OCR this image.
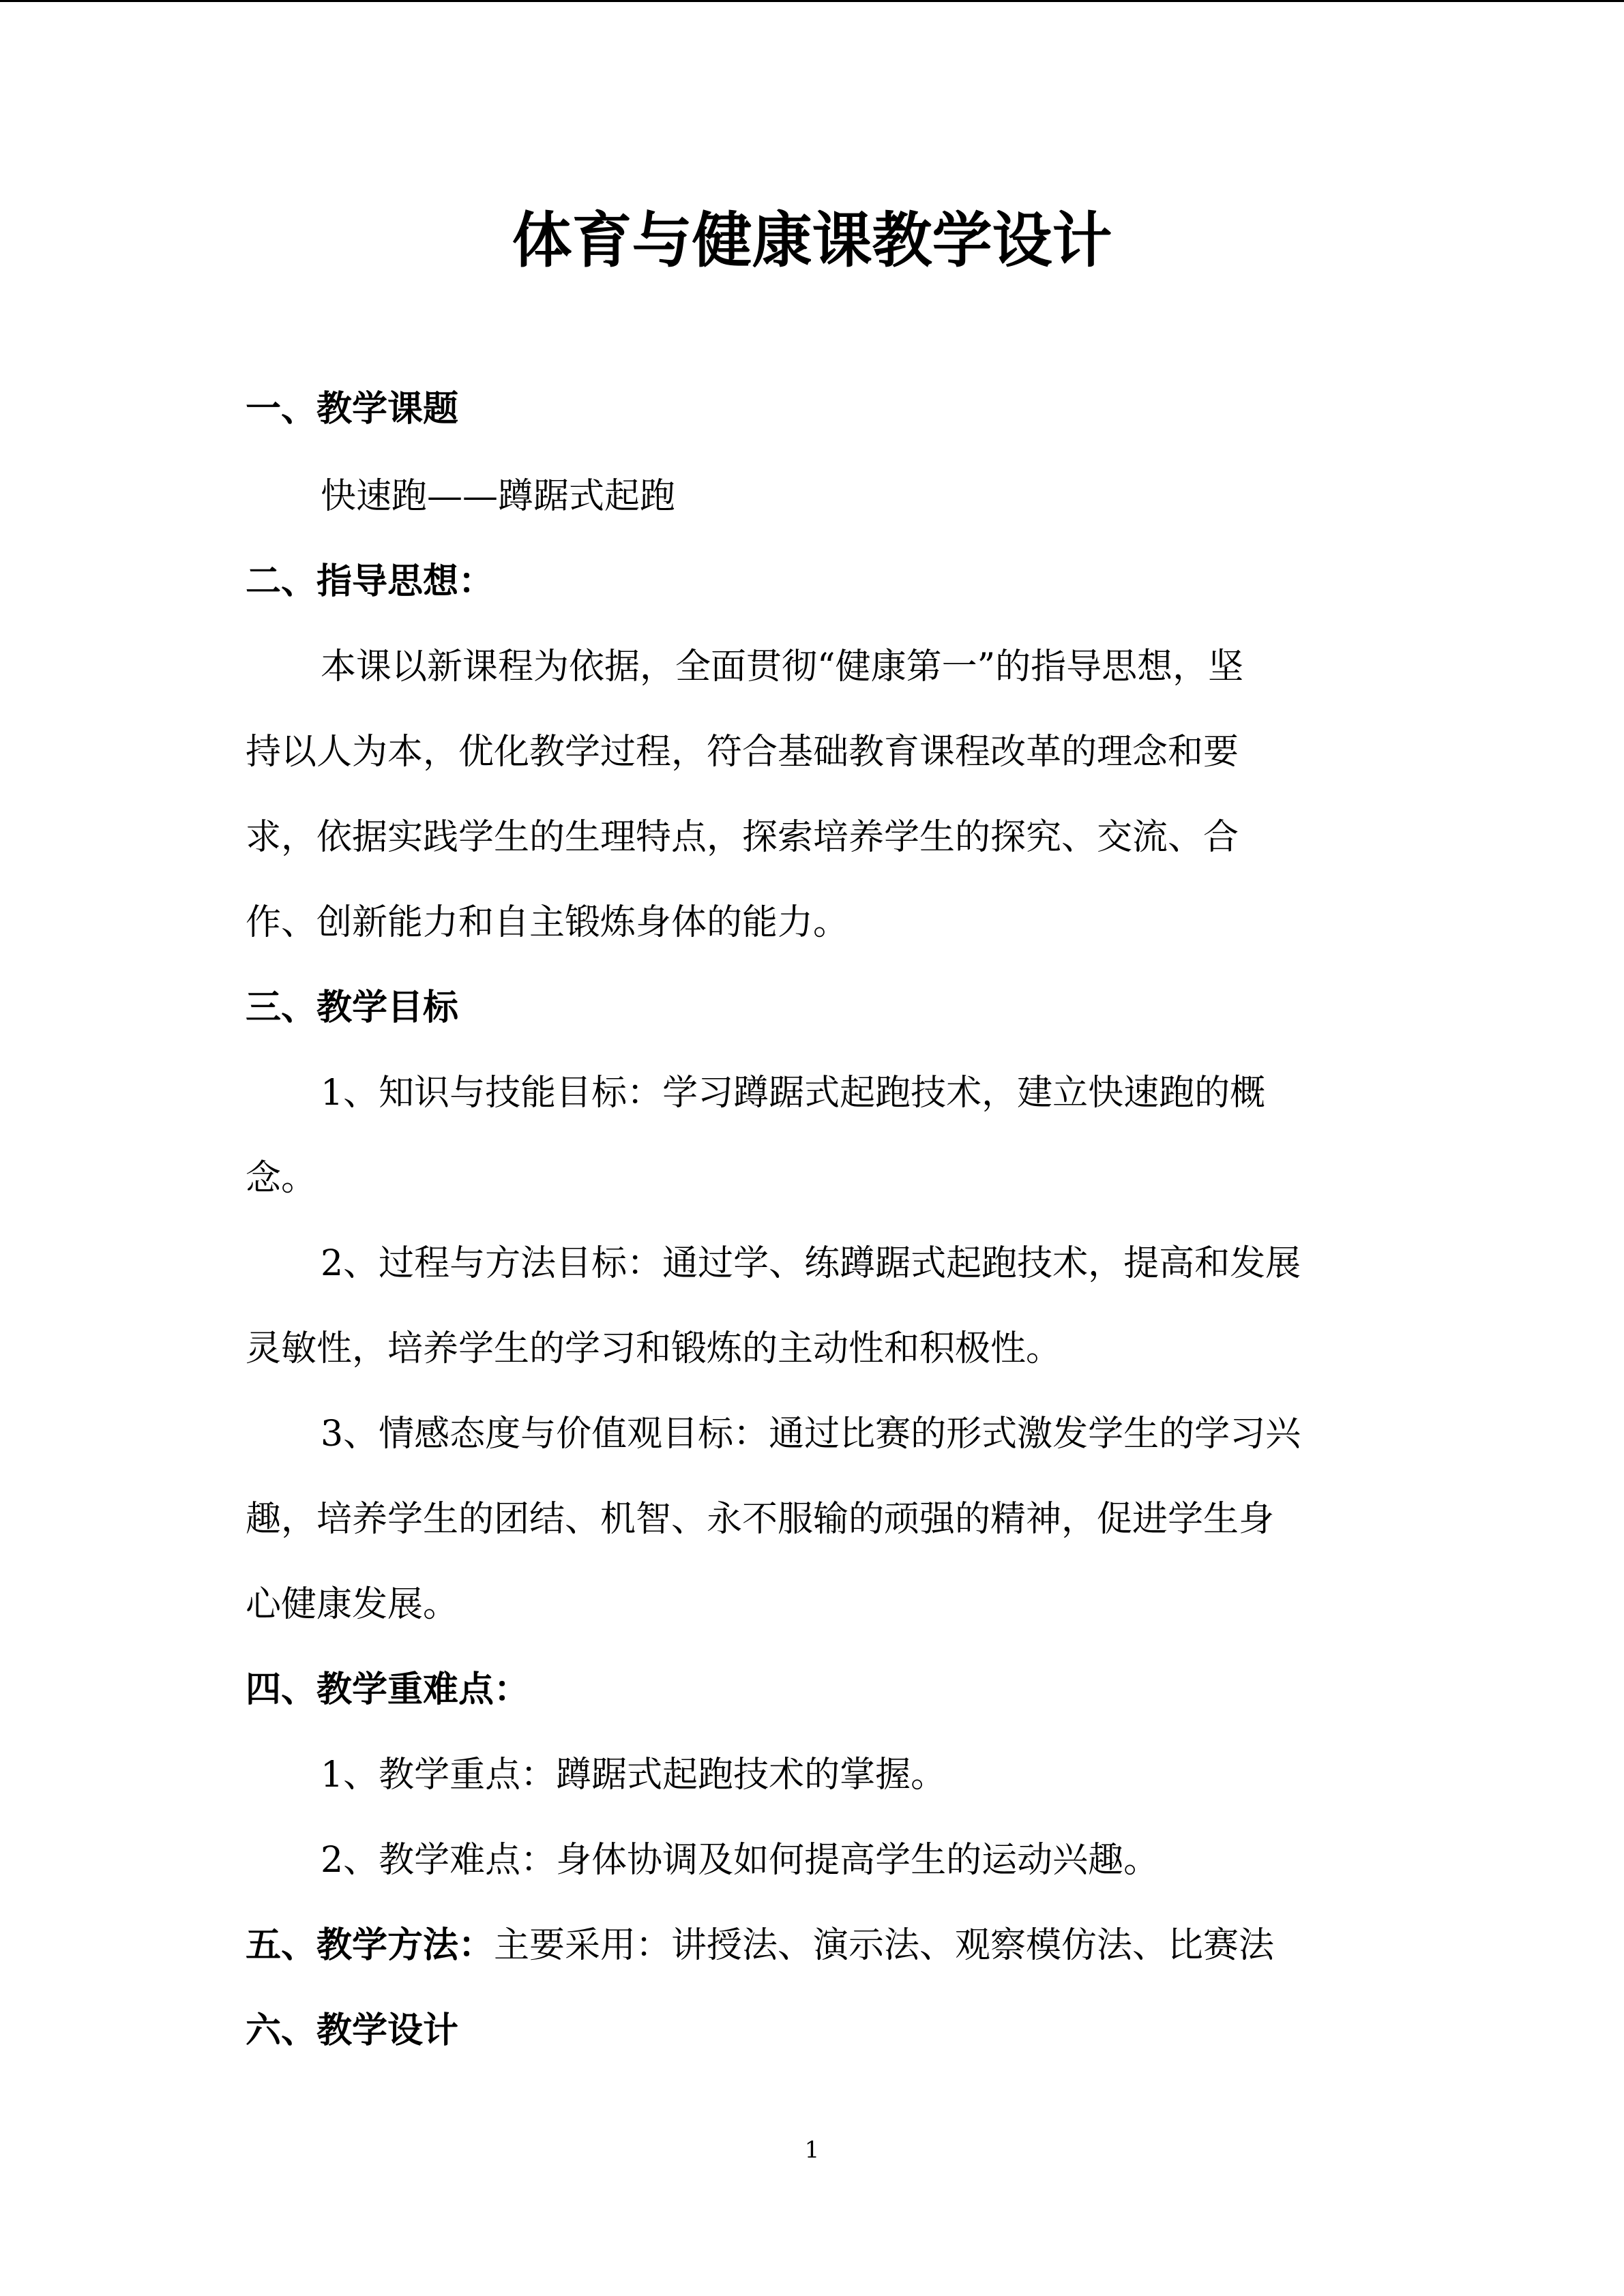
体育与健康课教学设计
一、教学课题
快速跑——蹲踞式起跑
二、指导思想：
本课以新课程为依据，全面贯彻“健康第一”的指导思想，坚
持以人为本，优化教学过程，符合基础教育课程改革的理念和要
求，依据实践学生的生理特点，探索培养学生的探究、交流、合
作、创新能力和自主锻炼身体的能力。
三、教学目标
1、知识与技能目标：学习蹲踞式起跑技术，建立快速跑的概
念。
2、过程与方法目标：通过学、练蹲踞式起跑技术，提高和发展
灵敏性，培养学生的学习和锻炼的主动性和积极性。
3、情感态度与价值观目标：通过比赛的形式激发学生的学习兴
趣，培养学生的团结、机智、永不服输的顽强的精神，促进学生身
心健康发展。
四、教学重难点：
1、教学重点：蹲踞式起跑技术的掌握。
2、教学难点：身体协调及如何提高学生的运动兴趣。
五、教学方法：主要采用：讲授法、演示法、观察模仿法、比赛法
六、教学设计
1
